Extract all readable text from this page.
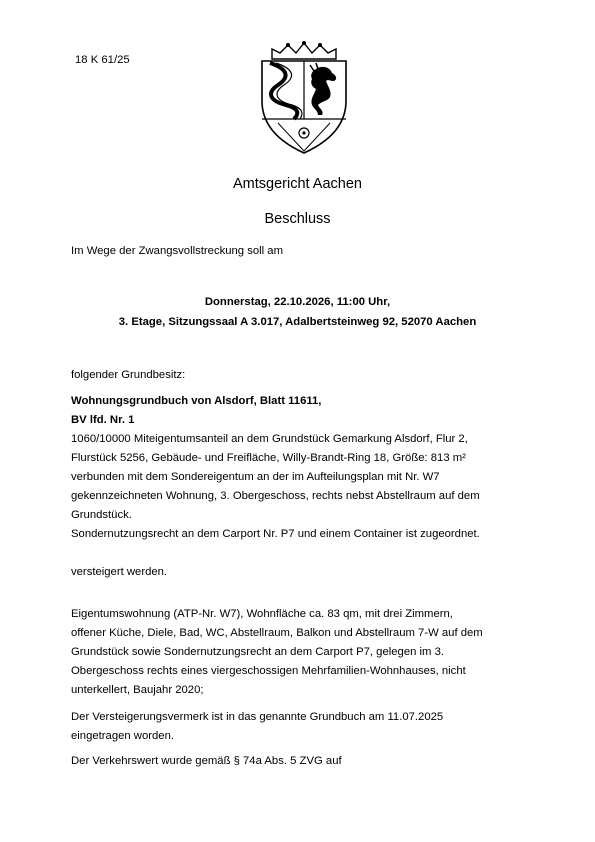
18 K 61/25
Amtsgericht Aachen
Beschluss
Im Wege der Zwangsvollstreckung soll am
Donnerstag, 22.10.2026, 11:00 Uhr,
3. Etage, Sitzungssaal A 3.017, Adalbertsteinweg 92, 52070 Aachen
folgender Grundbesitz:
Wohnungsgrundbuch von Alsdorf, Blatt 11611,
BV lfd. Nr. 1
1060/10000 Miteigentumsanteil an dem Grundstück Gemarkung Alsdorf, Flur 2,
Flurstück 5256, Gebäude- und Freifläche, Willy-Brandt-Ring 18, Größe: 813 m²
verbunden mit dem Sondereigentum an der im Aufteilungsplan mit Nr. W7
gekennzeichneten Wohnung, 3. Obergeschoss, rechts nebst Abstellraum auf dem
Grundstück.
Sondernutzungsrecht an dem Carport Nr. P7 und einem Container ist zugeordnet.
versteigert werden.
Eigentumswohnung (ATP-Nr. W7), Wohnfläche ca. 83 qm, mit drei Zimmern,
offener Küche, Diele, Bad, WC, Abstellraum, Balkon und Abstellraum 7-W auf dem
Grundstück sowie Sondernutzungsrecht an dem Carport P7, gelegen im 3.
Obergeschoss rechts eines viergeschossigen Mehrfamilien-Wohnhauses, nicht
unterkellert, Baujahr 2020;
Der Versteigerungsvermerk ist in das genannte Grundbuch am 11.07.2025
eingetragen worden.
Der Verkehrswert wurde gemäß § 74a Abs. 5 ZVG auf
